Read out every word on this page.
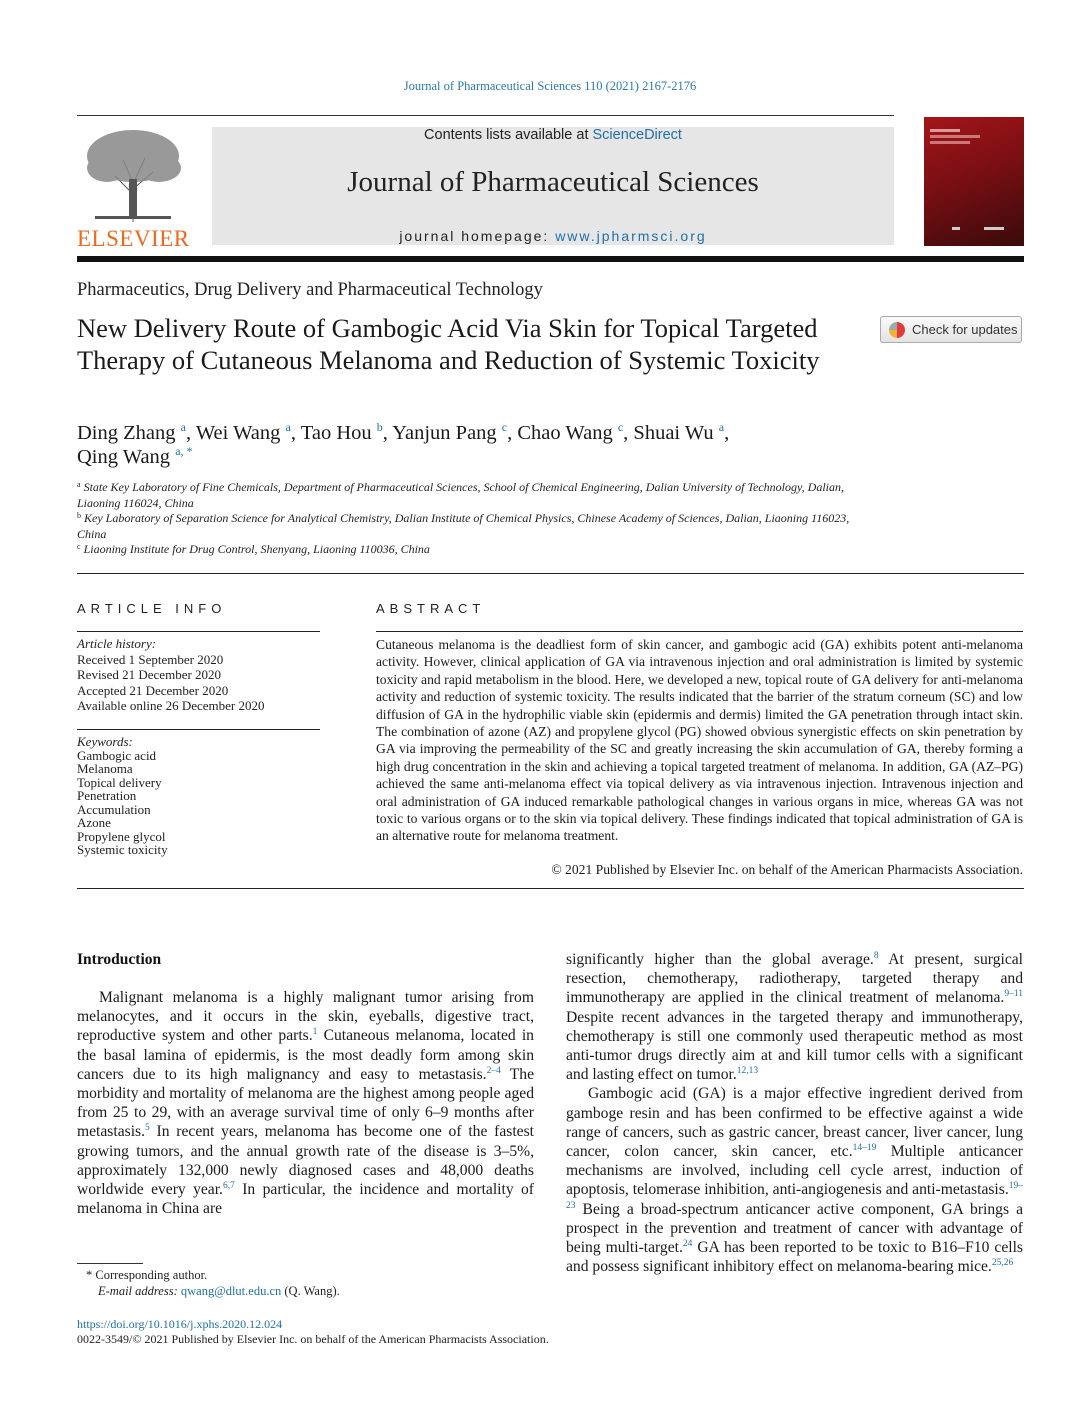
Journal of Pharmaceutical Sciences 110 (2021) 2167-2176
ELSEVIER
Contents lists available at ScienceDirect
Journal of Pharmaceutical Sciences
journal homepage: www.jpharmsci.org
Pharmaceutics, Drug Delivery and Pharmaceutical Technology
New Delivery Route of Gambogic Acid Via Skin for Topical Targeted Therapy of Cutaneous Melanoma and Reduction of Systemic Toxicity
Check for updates
Ding Zhang $^a$, Wei Wang $^a$, Tao Hou $^b$, Yanjun Pang $^c$, Chao Wang $^c$, Shuai Wu $^a$,
Qing Wang $^{a, *}$
$^a$ State Key Laboratory of Fine Chemicals, Department of Pharmaceutical Sciences, School of Chemical Engineering, Dalian University of Technology, Dalian, Liaoning 116024, China
$^b$ Key Laboratory of Separation Science for Analytical Chemistry, Dalian Institute of Chemical Physics, Chinese Academy of Sciences, Dalian, Liaoning 116023, China
$^c$ Liaoning Institute for Drug Control, Shenyang, Liaoning 110036, China
ARTICLE INFO
Article history:
Received 1 September 2020
Revised 21 December 2020
Accepted 21 December 2020
Available online 26 December 2020
Keywords:
Gambogic acid
Melanoma
Topical delivery
Penetration
Accumulation
Azone
Propylene glycol
Systemic toxicity
ABSTRACT
Cutaneous melanoma is the deadliest form of skin cancer, and gambogic acid (GA) exhibits potent anti-melanoma activity. However, clinical application of GA via intravenous injection and oral administration is limited by systemic toxicity and rapid metabolism in the blood. Here, we developed a new, topical route of GA delivery for anti-melanoma activity and reduction of systemic toxicity. The results indicated that the barrier of the stratum corneum (SC) and low diffusion of GA in the hydrophilic viable skin (epidermis and dermis) limited the GA penetration through intact skin. The combination of azone (AZ) and propylene glycol (PG) showed obvious synergistic effects on skin penetration by GA via improving the permeability of the SC and greatly increasing the skin accumulation of GA, thereby forming a high drug concentration in the skin and achieving a topical targeted treatment of melanoma. In addition, GA (AZ–PG) achieved the same anti-melanoma effect via topical delivery as via intravenous injection. Intravenous injection and oral administration of GA induced remarkable pathological changes in various organs in mice, whereas GA was not toxic to various organs or to the skin via topical delivery. These findings indicated that topical administration of GA is an alternative route for melanoma treatment.
© 2021 Published by Elsevier Inc. on behalf of the American Pharmacists Association.
Introduction

Malignant melanoma is a highly malignant tumor arising from melanocytes, and it occurs in the skin, eyeballs, digestive tract, reproductive system and other parts.$^1$ Cutaneous melanoma, located in the basal lamina of epidermis, is the most deadly form among skin cancers due to its high malignancy and easy to metastasis.$^{2-4}$ The morbidity and mortality of melanoma are the highest among people aged from 25 to 29, with an average survival time of only 6–9 months after metastasis.$^5$ In recent years, melanoma has become one of the fastest growing tumors, and the annual growth rate of the disease is 3–5%, approximately 132,000 newly diagnosed cases and 48,000 deaths worldwide every year.$^{6,7}$ In particular, the incidence and mortality of melanoma in China are

significantly higher than the global average.$^8$ At present, surgical resection, chemotherapy, radiotherapy, targeted therapy and immunotherapy are applied in the clinical treatment of melanoma.$^{9-11}$ Despite recent advances in the targeted therapy and immunotherapy, chemotherapy is still one commonly used therapeutic method as most anti-tumor drugs directly aim at and kill tumor cells with a significant and lasting effect on tumor.$^{12,13}$

Gambogic acid (GA) is a major effective ingredient derived from gamboge resin and has been confirmed to be effective against a wide range of cancers, such as gastric cancer, breast cancer, liver cancer, lung cancer, colon cancer, skin cancer, etc.$^{14-19}$ Multiple anticancer mechanisms are involved, including cell cycle arrest, induction of apoptosis, telomerase inhibition, anti-angiogenesis and anti-metastasis.$^{19-23}$ Being a broad-spectrum anticancer active component, GA brings a prospect in the prevention and treatment of cancer with advantage of being multi-target.$^{24}$ GA has been reported to be toxic to B16–F10 cells and possess significant inhibitory effect on melanoma-bearing mice.$^{25,26}$

* Corresponding author.
E-mail address: qwang@dlut.edu.cn (Q. Wang).
https://doi.org/10.1016/j.xphs.2020.12.024
0022-3549/© 2021 Published by Elsevier Inc. on behalf of the American Pharmacists Association.
